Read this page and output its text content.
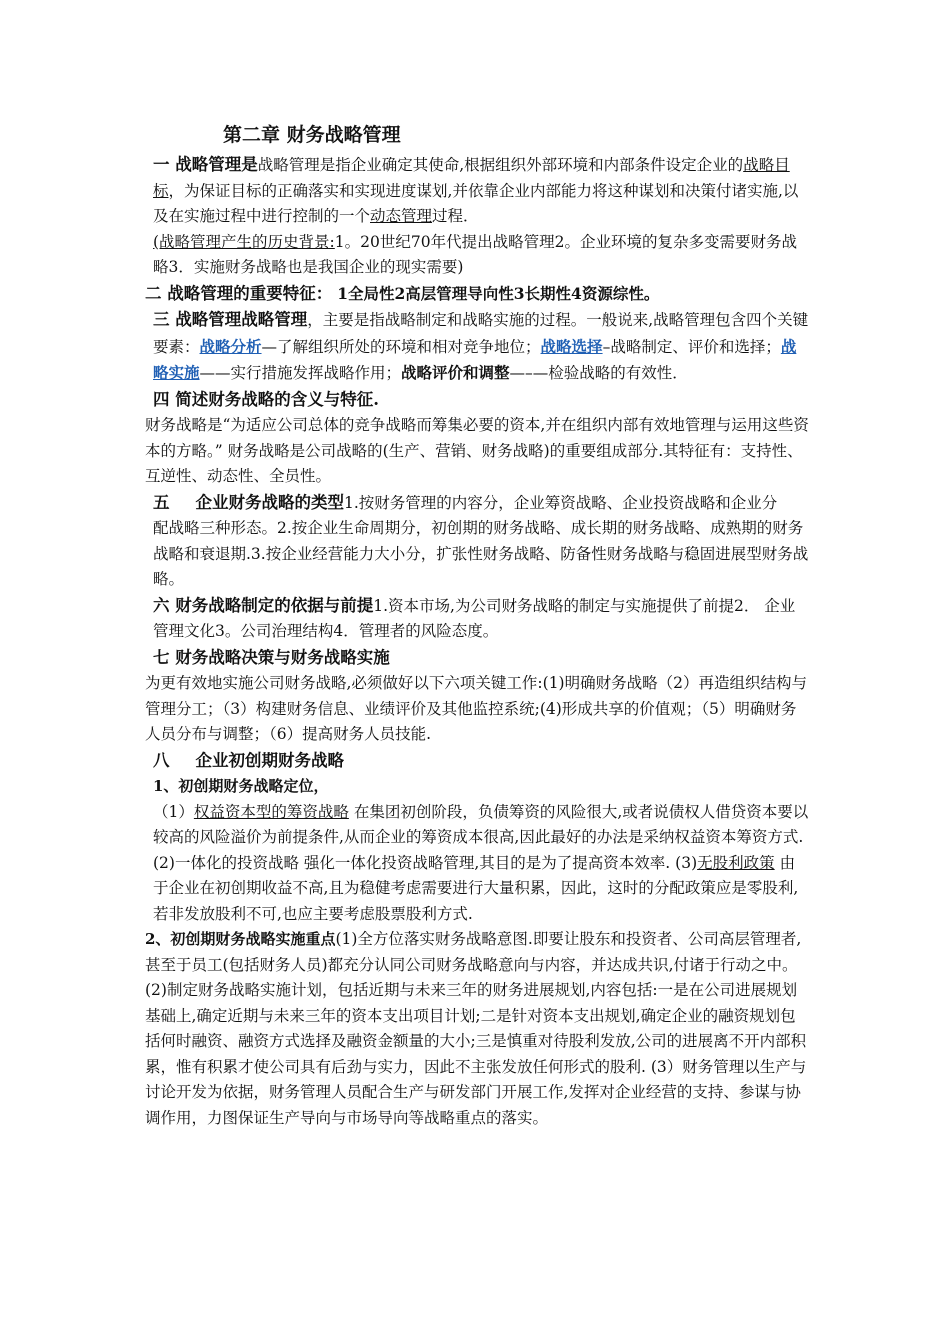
第二章 财务战略管理

一 战略管理是战略管理是指企业确定其使命,根据组织外部环境和内部条件设定企业的战略目标，为保证目标的正确落实和实现进度谋划,并依靠企业内部能力将这种谋划和决策付诸实施,以及在实施过程中进行控制的一个动态管理过程．

(战略管理产生的历史背景:1。20世纪70年代提出战略管理2。企业环境的复杂多变需要财务战略3．实施财务战略也是我国企业的现实需要)

二 战略管理的重要特征： 1全局性2高层管理导向性3长期性4资源综性。

三 战略管理战略管理，主要是指战略制定和战略实施的过程。一般说来,战略管理包含四个关键要素：战略分析—了解组织所处的环境和相对竞争地位；战略选择–战略制定、评价和选择；战略实施——实行措施发挥战略作用；战略评价和调整—–—检验战略的有效性．

四 简述财务战略的含义与特征.

财务战略是“为适应公司总体的竞争战略而筹集必要的资本,并在组织内部有效地管理与运用这些资本的方略。” 财务战略是公司战略的(生产、营销、财务战略)的重要组成部分.其特征有：支持性、互逆性、动态性、全员性。

五 企业财务战略的类型1.按财务管理的内容分，企业筹资战略、企业投资战略和企业分配战略三种形态。2.按企业生命周期分，初创期的财务战略、成长期的财务战略、成熟期的财务战略和衰退期.3.按企业经营能力大小分，扩张性财务战略、防备性财务战略与稳固进展型财务战略。

六 财务战略制定的依据与前提1.资本市场,为公司财务战略的制定与实施提供了前提2． 企业管理文化3。公司治理结构4．管理者的风险态度。

七 财务战略决策与财务战略实施

为更有效地实施公司财务战略,必须做好以下六项关键工作:(1)明确财务战略（2）再造组织结构与管理分工；（3）构建财务信息、业绩评价及其他监控系统;(4)形成共享的价值观；（5）明确财务人员分布与调整；（6）提高财务人员技能.

八 企业初创期财务战略

1、初创期财务战略定位，

（1）权益资本型的筹资战略 在集团初创阶段，负债筹资的风险很大,或者说债权人借贷资本要以较高的风险溢价为前提条件,从而企业的筹资成本很高,因此最好的办法是采纳权益资本筹资方式. (2)一体化的投资战略 强化一体化投资战略管理,其目的是为了提高资本效率. (3)无股利政策 由于企业在初创期收益不高,且为稳健考虑需要进行大量积累，因此，这时的分配政策应是零股利,若非发放股利不可,也应主要考虑股票股利方式.

2、初创期财务战略实施重点(1)全方位落实财务战略意图.即要让股东和投资者、公司高层管理者,甚至于员工(包括财务人员)都充分认同公司财务战略意向与内容，并达成共识,付诸于行动之中。(2)制定财务战略实施计划，包括近期与未来三年的财务进展规划,内容包括:一是在公司进展规划基础上,确定近期与未来三年的资本支出项目计划;二是针对资本支出规划,确定企业的融资规划包括何时融资、融资方式选择及融资金额量的大小;三是慎重对待股利发放,公司的进展离不开内部积累，惟有积累才使公司具有后劲与实力，因此不主张发放任何形式的股利. (3）财务管理以生产与讨论开发为依据，财务管理人员配合生产与研发部门开展工作,发挥对企业经营的支持、参谋与协调作用，力图保证生产导向与市场导向等战略重点的落实。
